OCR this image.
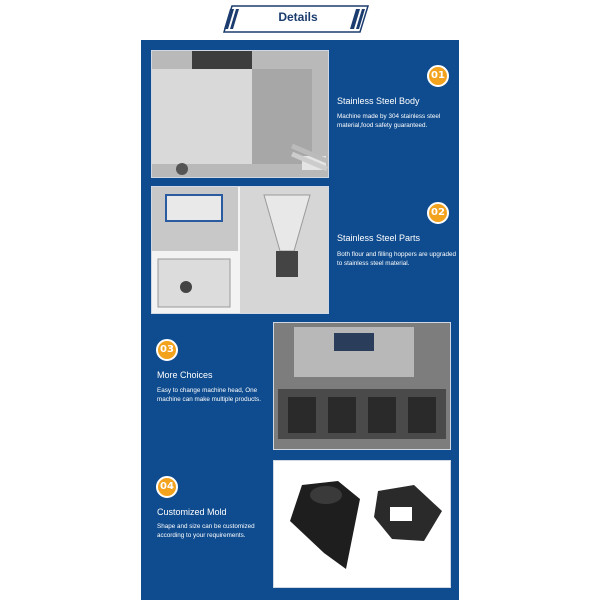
Details
01
Stainless Steel Body
Machine made by 304 stainless steel material,food safety guaranteed.
02
Stainless Steel Parts
Both flour and filling hoppers are upgraded to stainless steel material.
03
More Choices
Easy to change machine head, One machine can make multiple products.
04
Customized Mold
Shape and size can be customized according to your requirements.
